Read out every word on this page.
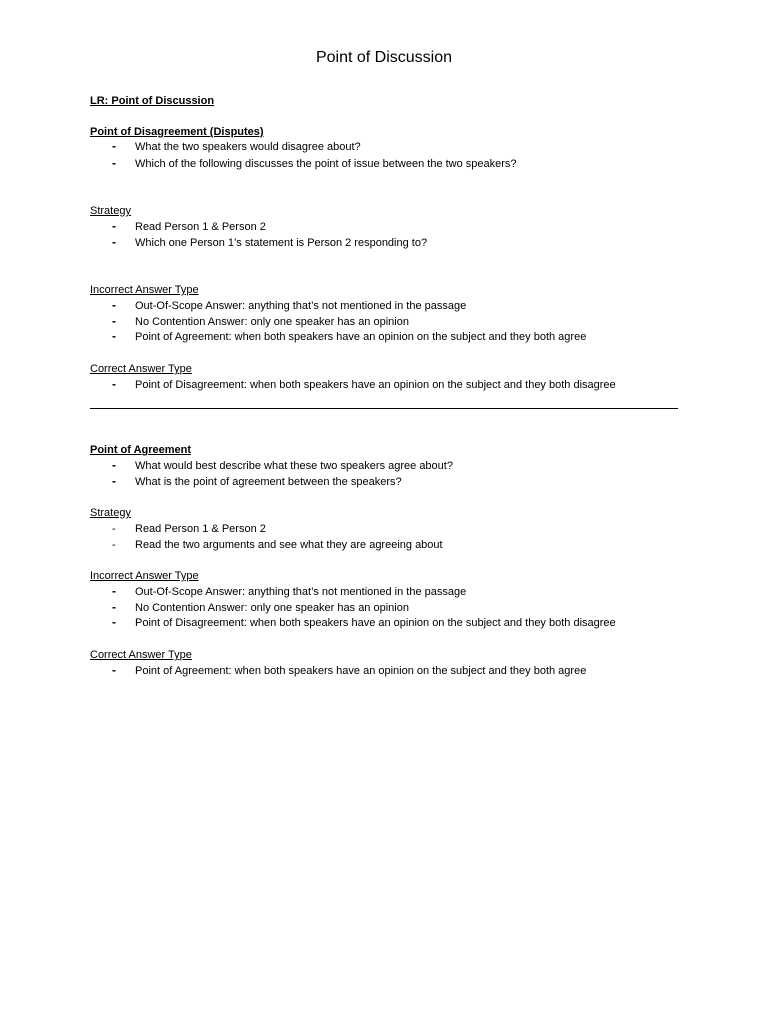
Point of Discussion
LR: Point of Discussion
Point of Disagreement (Disputes)
- What the two speakers would disagree about?
- Which of the following discusses the point of issue between the two speakers?
Strategy
- Read Person 1 & Person 2
- Which one Person 1’s statement is Person 2 responding to?
Incorrect Answer Type
- Out-Of-Scope Answer: anything that’s not mentioned in the passage
- No Contention Answer: only one speaker has an opinion
- Point of Agreement: when both speakers have an opinion on the subject and they both agree
Correct Answer Type
- Point of Disagreement: when both speakers have an opinion on the subject and they both disagree
Point of Agreement
- What would best describe what these two speakers agree about?
- What is the point of agreement between the speakers?
Strategy
- Read Person 1 & Person 2
- Read the two arguments and see what they are agreeing about
Incorrect Answer Type
- Out-Of-Scope Answer: anything that’s not mentioned in the passage
- No Contention Answer: only one speaker has an opinion
- Point of Disagreement: when both speakers have an opinion on the subject and they both disagree
Correct Answer Type
- Point of Agreement: when both speakers have an opinion on the subject and they both agree
